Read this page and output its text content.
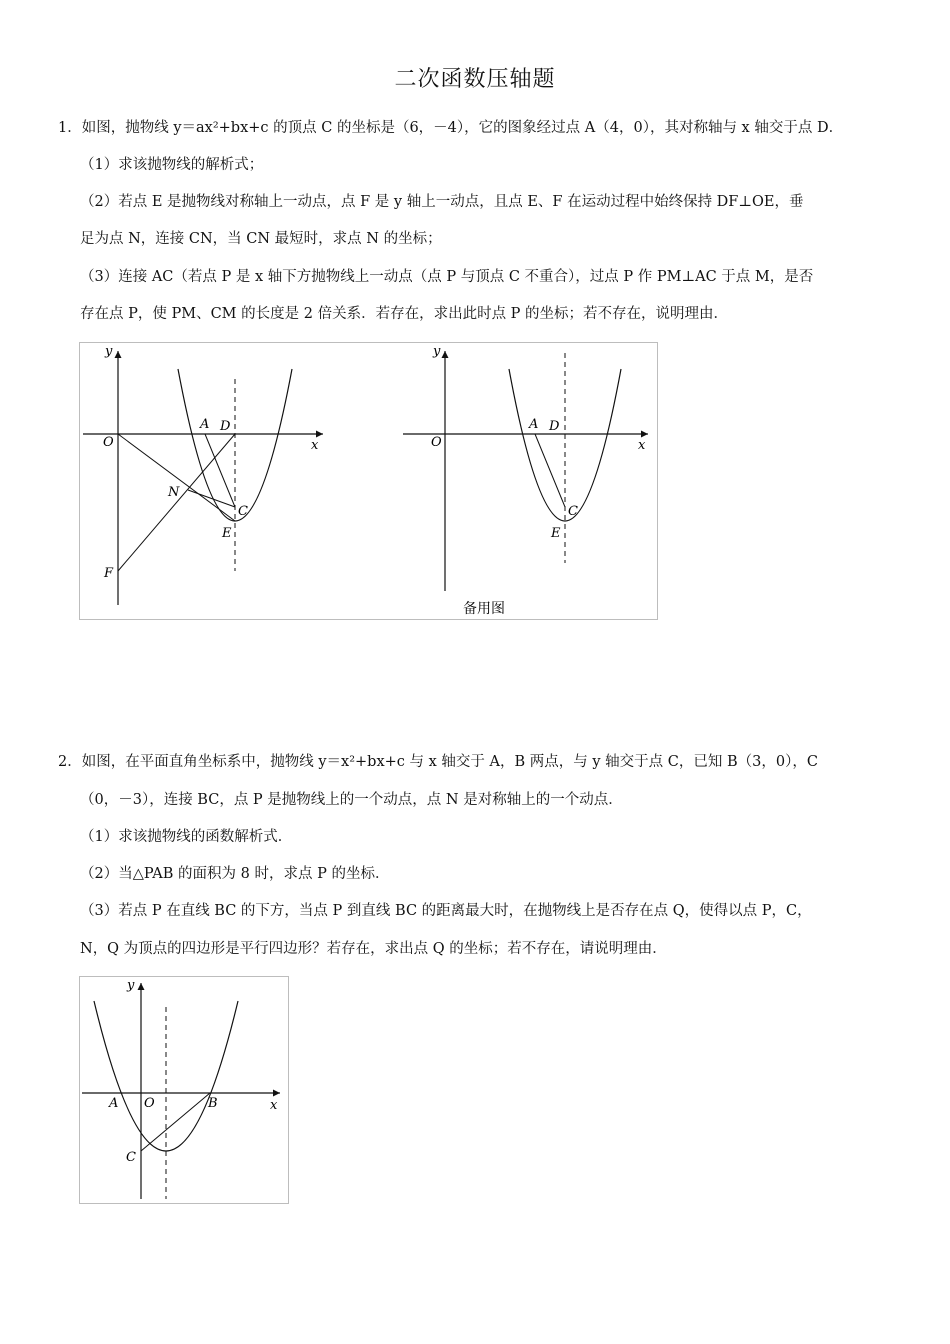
二次函数压轴题
1．如图，抛物线 y＝ax²+bx+c 的顶点 C 的坐标是（6，－4），它的图象经过点 A（4，0），其对称轴与 x 轴交于点 D．
（1）求该抛物线的解析式；
（2）若点 E 是抛物线对称轴上一动点，点 F 是 y 轴上一动点，且点 E、F 在运动过程中始终保持 DF⊥OE，垂
足为点 N，连接 CN，当 CN 最短时，求点 N 的坐标；
（3）连接 AC（若点 P 是 x 轴下方抛物线上一动点（点 P 与顶点 C 不重合），过点 P 作 PM⊥AC 于点 M，是否
存在点 P，使 PM、CM 的长度是 2 倍关系．若存在，求出此时点 P 的坐标；若不存在，说明理由．
y
x
O
A D
N
C
E
F
y
x
O
A D
C
E
备用图
2．如图，在平面直角坐标系中，抛物线 y＝x²+bx+c 与 x 轴交于 A，B 两点，与 y 轴交于点 C，已知 B（3，0），C
（0，－3），连接 BC，点 P 是抛物线上的一个动点，点 N 是对称轴上的一个动点．
（1）求该抛物线的函数解析式．
（2）当△PAB 的面积为 8 时，求点 P 的坐标．
（3）若点 P 在直线 BC 的下方，当点 P 到直线 BC 的距离最大时，在抛物线上是否存在点 Q，使得以点 P，C，
N，Q 为顶点的四边形是平行四边形？若存在，求出点 Q 的坐标；若不存在，请说明理由．
y
x
A O	B
C
